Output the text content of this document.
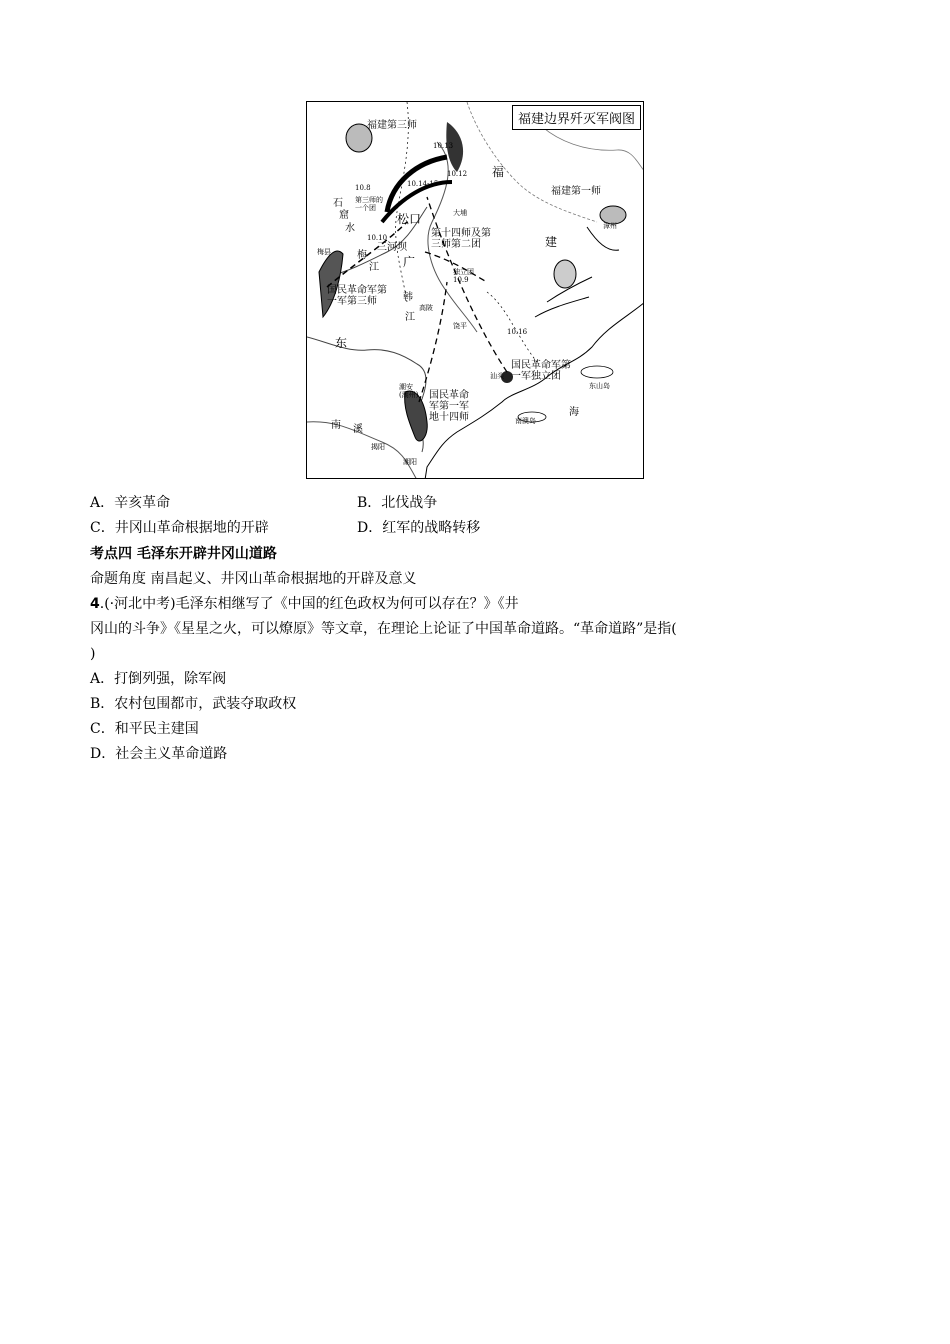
福建边界歼灭军阀图
福建第三师
福
建
福建第一师
松口
三河坝
第十四师及第
三师第二团
独立团
10.9
国民革命军第
一军第三师
东
广
梅
江
韩
江
国民革命军第
一军独立团
国民革命
军第一军
地十四师
南 溪
南澳岛
东山岛
海
10.13
10.12
10.8
10.10
10.16
10.14-15
第三师的
一个团
石
窟
水
潮安
(潮州)
汕头
饶平
漳州
潮阳
揭阳
梅县
大埔
高陂
A．辛亥革命	B．北伐战争
C．井冈山革命根据地的开辟	D．红军的战略转移
考点四 毛泽东开辟井冈山道路
命题角度 南昌起义、井冈山革命根据地的开辟及意义
4.(·河北中考)毛泽东相继写了《中国的红色政权为何可以存在？》《井
冈山的斗争》《星星之火，可以燎原》等文章，在理论上论证了中国革命道路。“革命道路”是指(
)
A．打倒列强，除军阀
B．农村包围都市，武装夺取政权
C．和平民主建国
D．社会主义革命道路
